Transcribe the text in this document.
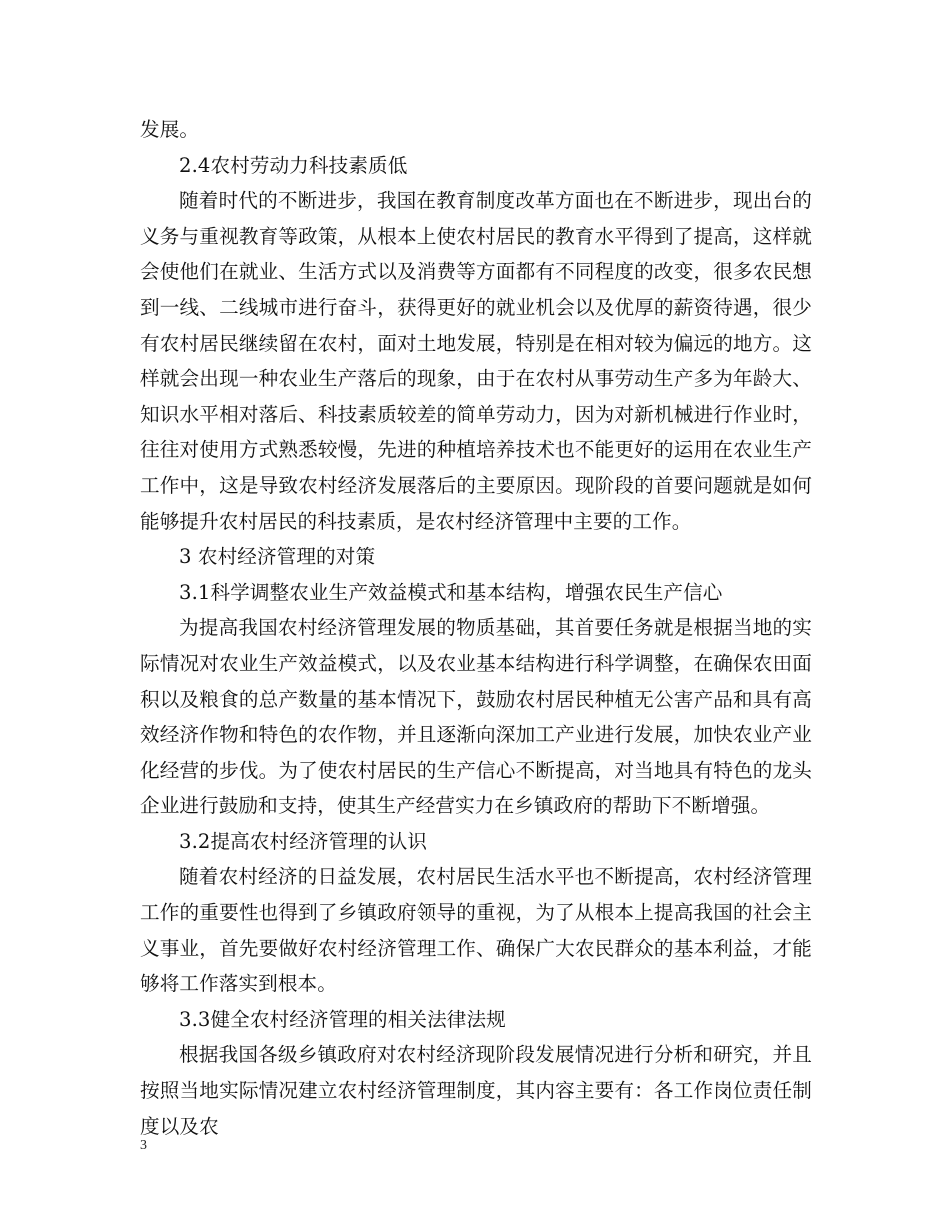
发展。

2.4农村劳动力科技素质低

随着时代的不断进步，我国在教育制度改革方面也在不断进步，现出台的义务与重视教育等政策，从根本上使农村居民的教育水平得到了提高，这样就会使他们在就业、生活方式以及消费等方面都有不同程度的改变，很多农民想到一线、二线城市进行奋斗，获得更好的就业机会以及优厚的薪资待遇，很少有农村居民继续留在农村，面对土地发展，特别是在相对较为偏远的地方。这样就会出现一种农业生产落后的现象，由于在农村从事劳动生产多为年龄大、知识水平相对落后、科技素质较差的简单劳动力，因为对新机械进行作业时，往往对使用方式熟悉较慢，先进的种植培养技术也不能更好的运用在农业生产工作中，这是导致农村经济发展落后的主要原因。现阶段的首要问题就是如何能够提升农村居民的科技素质，是农村经济管理中主要的工作。

3 农村经济管理的对策

3.1科学调整农业生产效益模式和基本结构，增强农民生产信心

为提高我国农村经济管理发展的物质基础，其首要任务就是根据当地的实际情况对农业生产效益模式，以及农业基本结构进行科学调整，在确保农田面积以及粮食的总产数量的基本情况下，鼓励农村居民种植无公害产品和具有高效经济作物和特色的农作物，并且逐渐向深加工产业进行发展，加快农业产业化经营的步伐。为了使农村居民的生产信心不断提高，对当地具有特色的龙头企业进行鼓励和支持，使其生产经营实力在乡镇政府的帮助下不断增强。

3.2提高农村经济管理的认识

随着农村经济的日益发展，农村居民生活水平也不断提高，农村经济管理工作的重要性也得到了乡镇政府领导的重视，为了从根本上提高我国的社会主义事业，首先要做好农村经济管理工作、确保广大农民群众的基本利益，才能够将工作落实到根本。

3.3健全农村经济管理的相关法律法规

根据我国各级乡镇政府对农村经济现阶段发展情况进行分析和研究，并且按照当地实际情况建立农村经济管理制度，其内容主要有：各工作岗位责任制度以及农

3
